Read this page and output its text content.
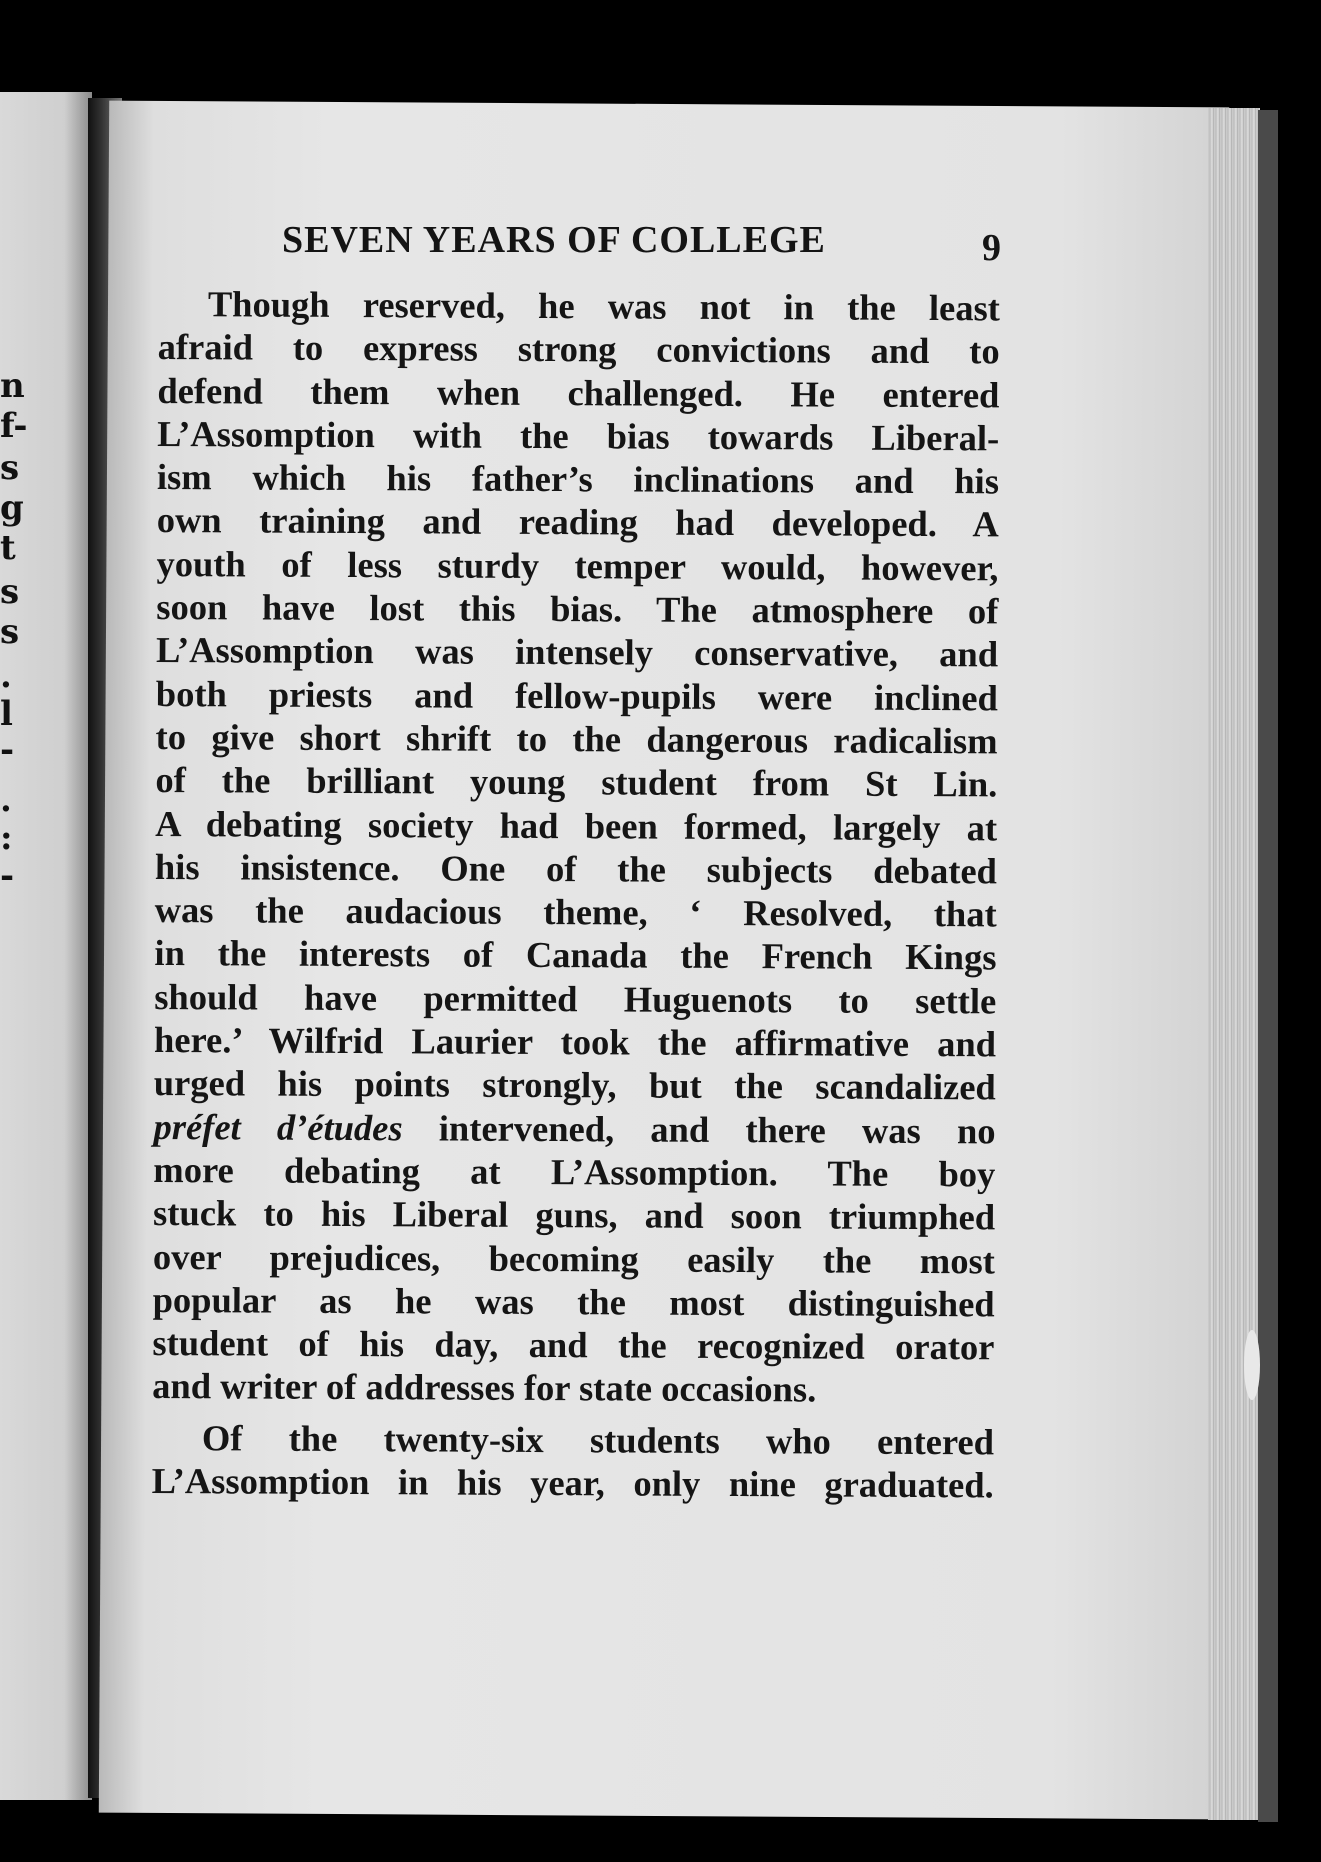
n
f-
s
g
t
s
s
.
l
-
.
:
-
SEVEN YEARS OF COLLEGE	9
Though reserved, he was not in the least
afraid to express strong convictions and to
defend them when challenged. He entered
L’Assomption with the bias towards Liberal-
ism which his father’s inclinations and his
own training and reading had developed. A
youth of less sturdy temper would, however,
soon have lost this bias. The atmosphere of
L’Assomption was intensely conservative, and
both priests and fellow-pupils were inclined
to give short shrift to the dangerous radicalism
of the brilliant young student from St Lin.
A debating society had been formed, largely at
his insistence. One of the subjects debated
was the audacious theme, ‘ Resolved, that
in the interests of Canada the French Kings
should have permitted Huguenots to settle
here.’ Wilfrid Laurier took the affirmative and
urged his points strongly, but the scandalized
préfet d’études intervened, and there was no
more debating at L’Assomption. The boy
stuck to his Liberal guns, and soon triumphed
over prejudices, becoming easily the most
popular as he was the most distinguished
student of his day, and the recognized orator
and writer of addresses for state occasions.
Of the twenty-six students who entered
L’Assomption in his year, only nine graduated.
